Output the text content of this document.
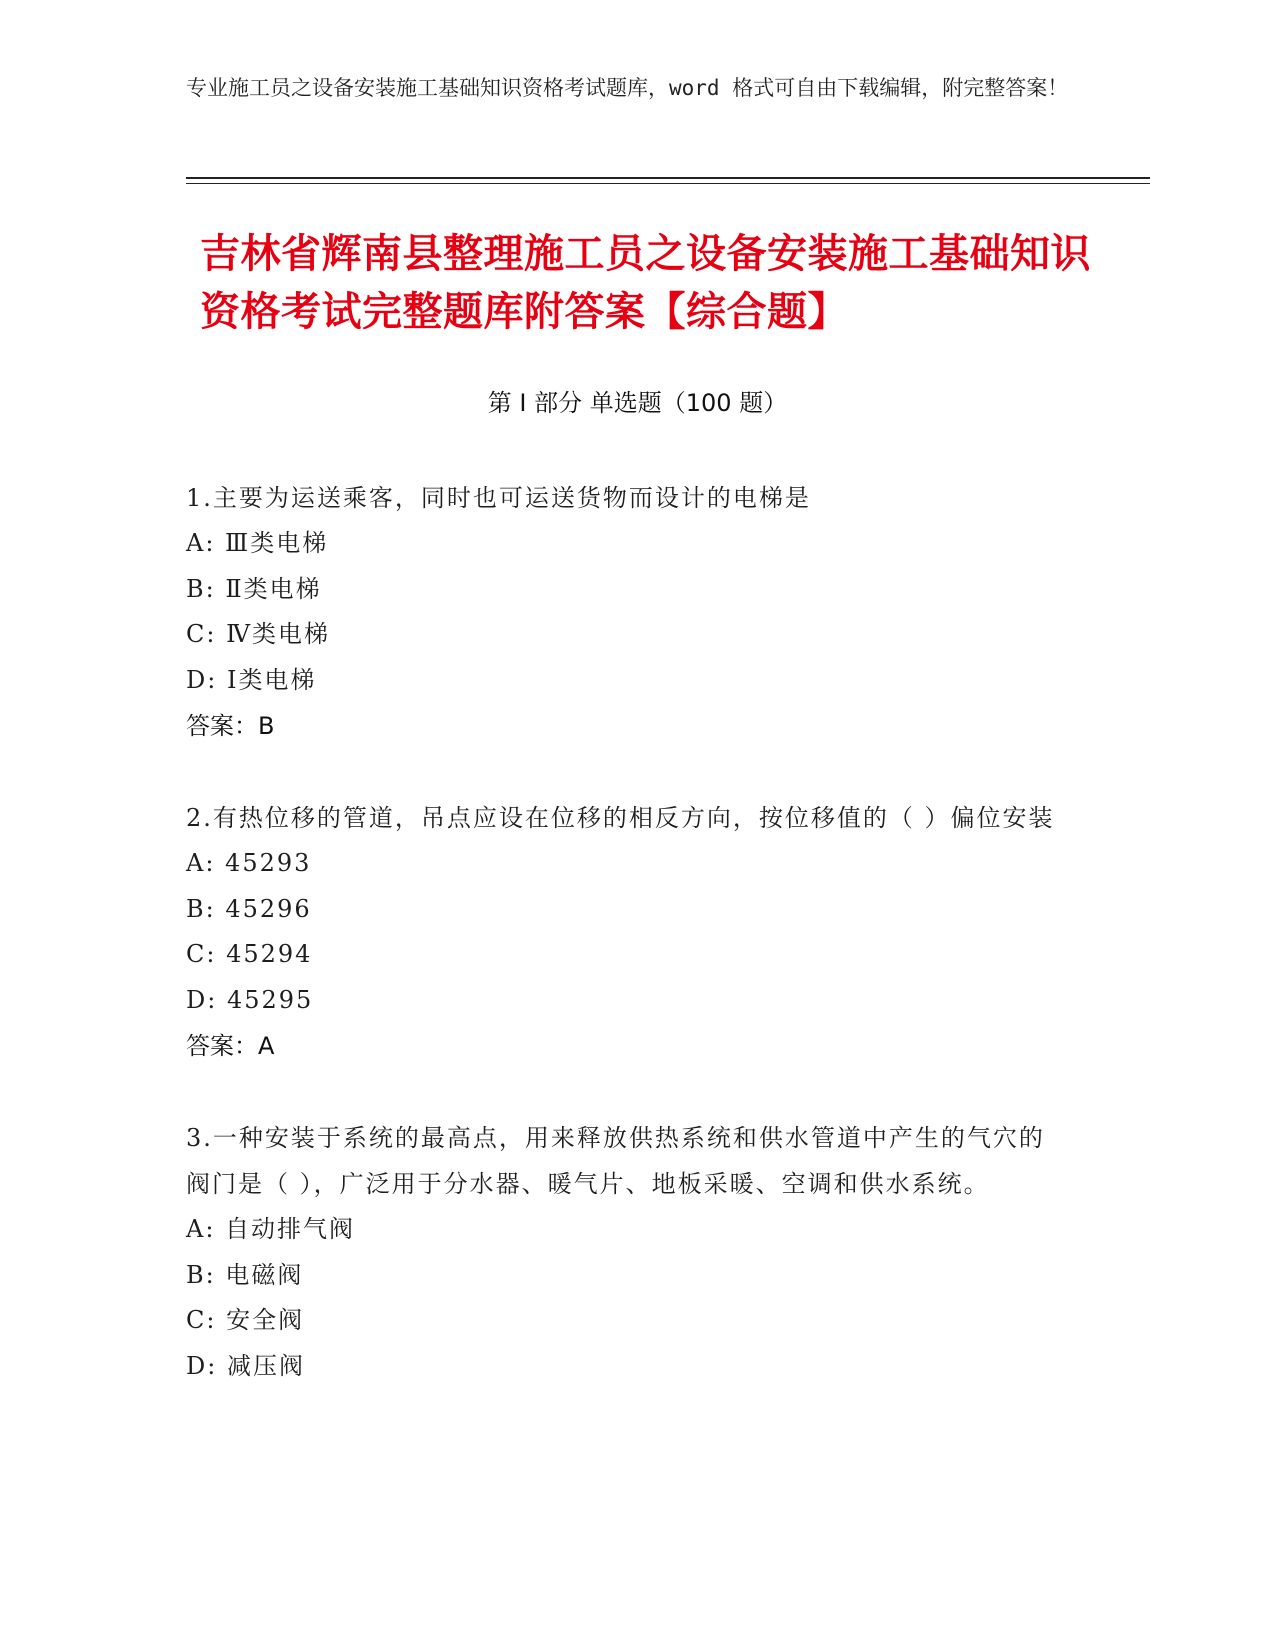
专业施工员之设备安装施工基础知识资格考试题库，word 格式可自由下载编辑，附完整答案！
吉林省辉南县整理施工员之设备安装施工基础知识资格考试完整题库附答案【综合题】
第 I 部分 单选题（100 题）
1.主要为运送乘客，同时也可运送货物而设计的电梯是
A: Ⅲ类电梯
B: Ⅱ类电梯
C: Ⅳ类电梯
D: Ⅰ类电梯
答案：B
2.有热位移的管道，吊点应设在位移的相反方向，按位移值的（ ）偏位安装
A: 45293
B: 45296
C: 45294
D: 45295
答案：A
3.一种安装于系统的最高点，用来释放供热系统和供水管道中产生的气穴的阀门是（ ），广泛用于分水器、暖气片、地板采暖、空调和供水系统。
A: 自动排气阀
B: 电磁阀
C: 安全阀
D: 减压阀
